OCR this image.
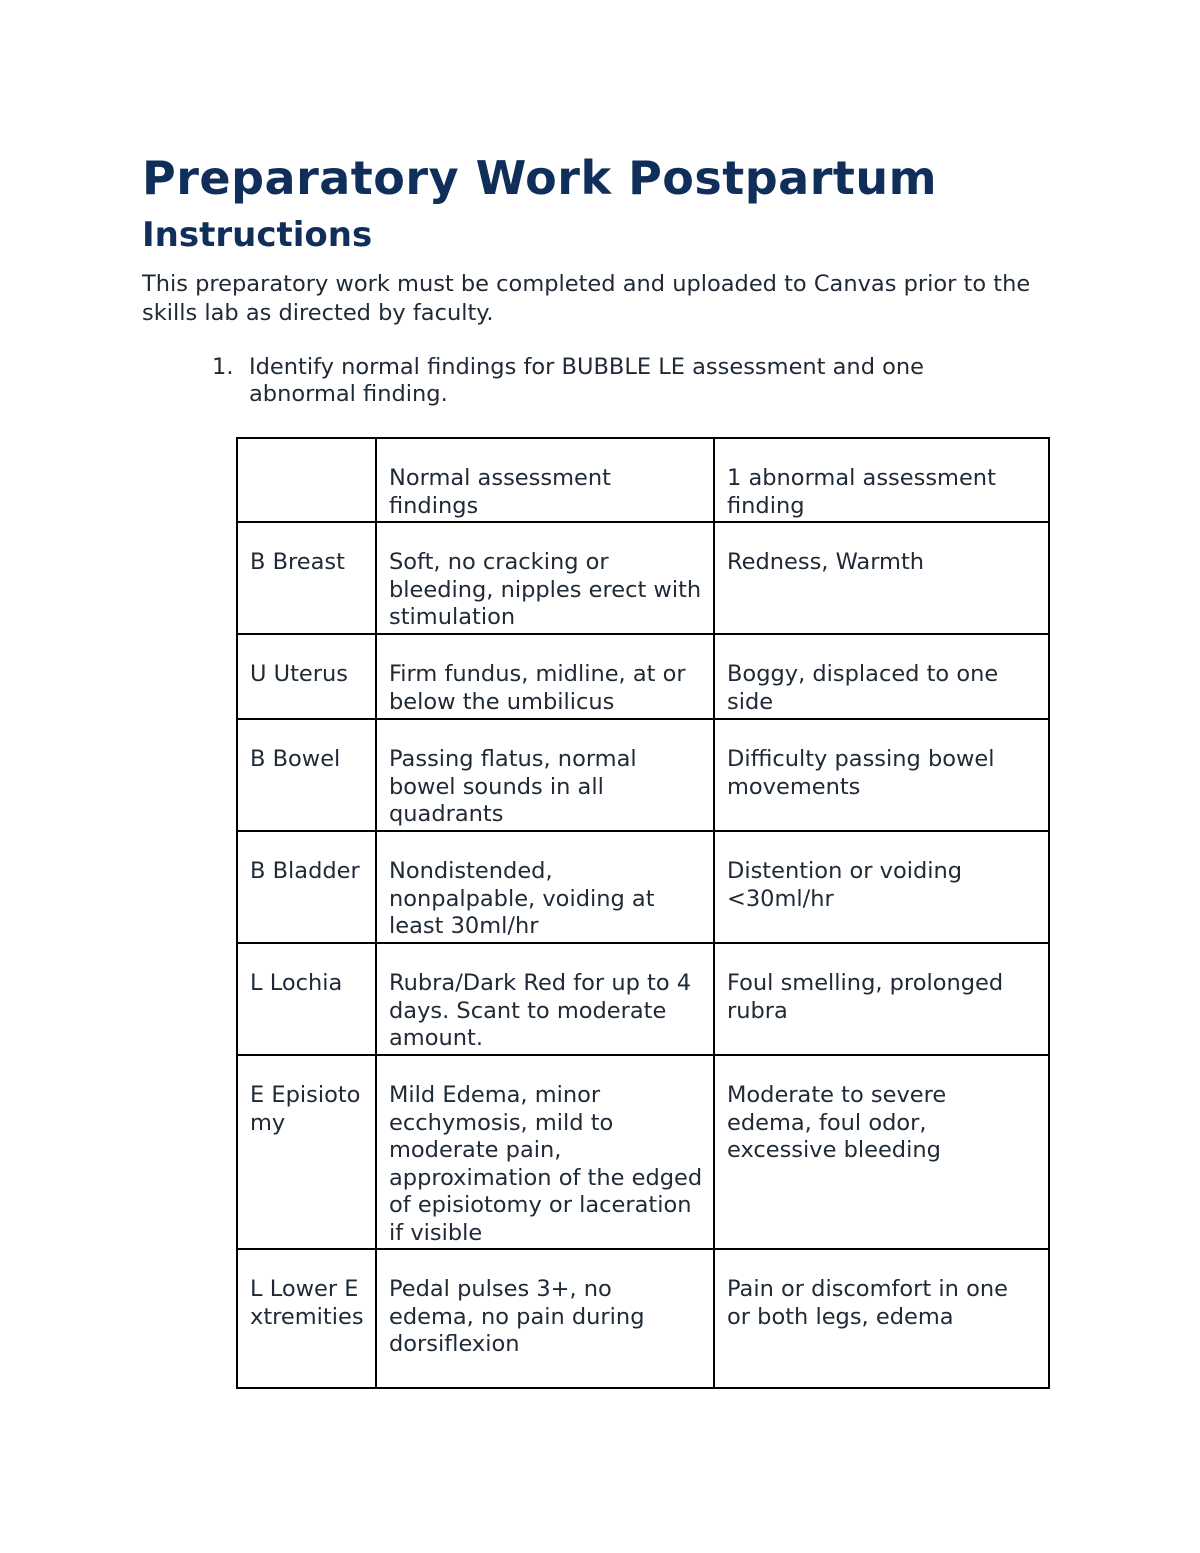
Preparatory Work Postpartum
Instructions

This preparatory work must be completed and uploaded to Canvas prior to the skills lab as directed by faculty.

1. Identify normal findings for BUBBLE LE assessment and one abnormal finding.
	Normal assessment findings	1 abnormal assessment finding
B Breast	Soft, no cracking or bleeding, nipples erect with stimulation	Redness, Warmth
U Uterus	Firm fundus, midline, at or below the umbilicus	Boggy, displaced to one side
B Bowel	Passing flatus, normal bowel sounds in all quadrants	Difficulty passing bowel movements
B Bladder	Nondistended, nonpalpable, voiding at least 30ml/hr	Distention or voiding <30ml/hr
L Lochia	Rubra/Dark Red for up to 4 days. Scant to moderate amount.	Foul smelling, prolonged rubra
E Episiotomy	Mild Edema, minor ecchymosis, mild to moderate pain, approximation of the edged of episiotomy or laceration if visible	Moderate to severe edema, foul odor, excessive bleeding
L Lower Extremities	Pedal pulses 3+, no edema, no pain during dorsiflexion	Pain or discomfort in one or both legs, edema
